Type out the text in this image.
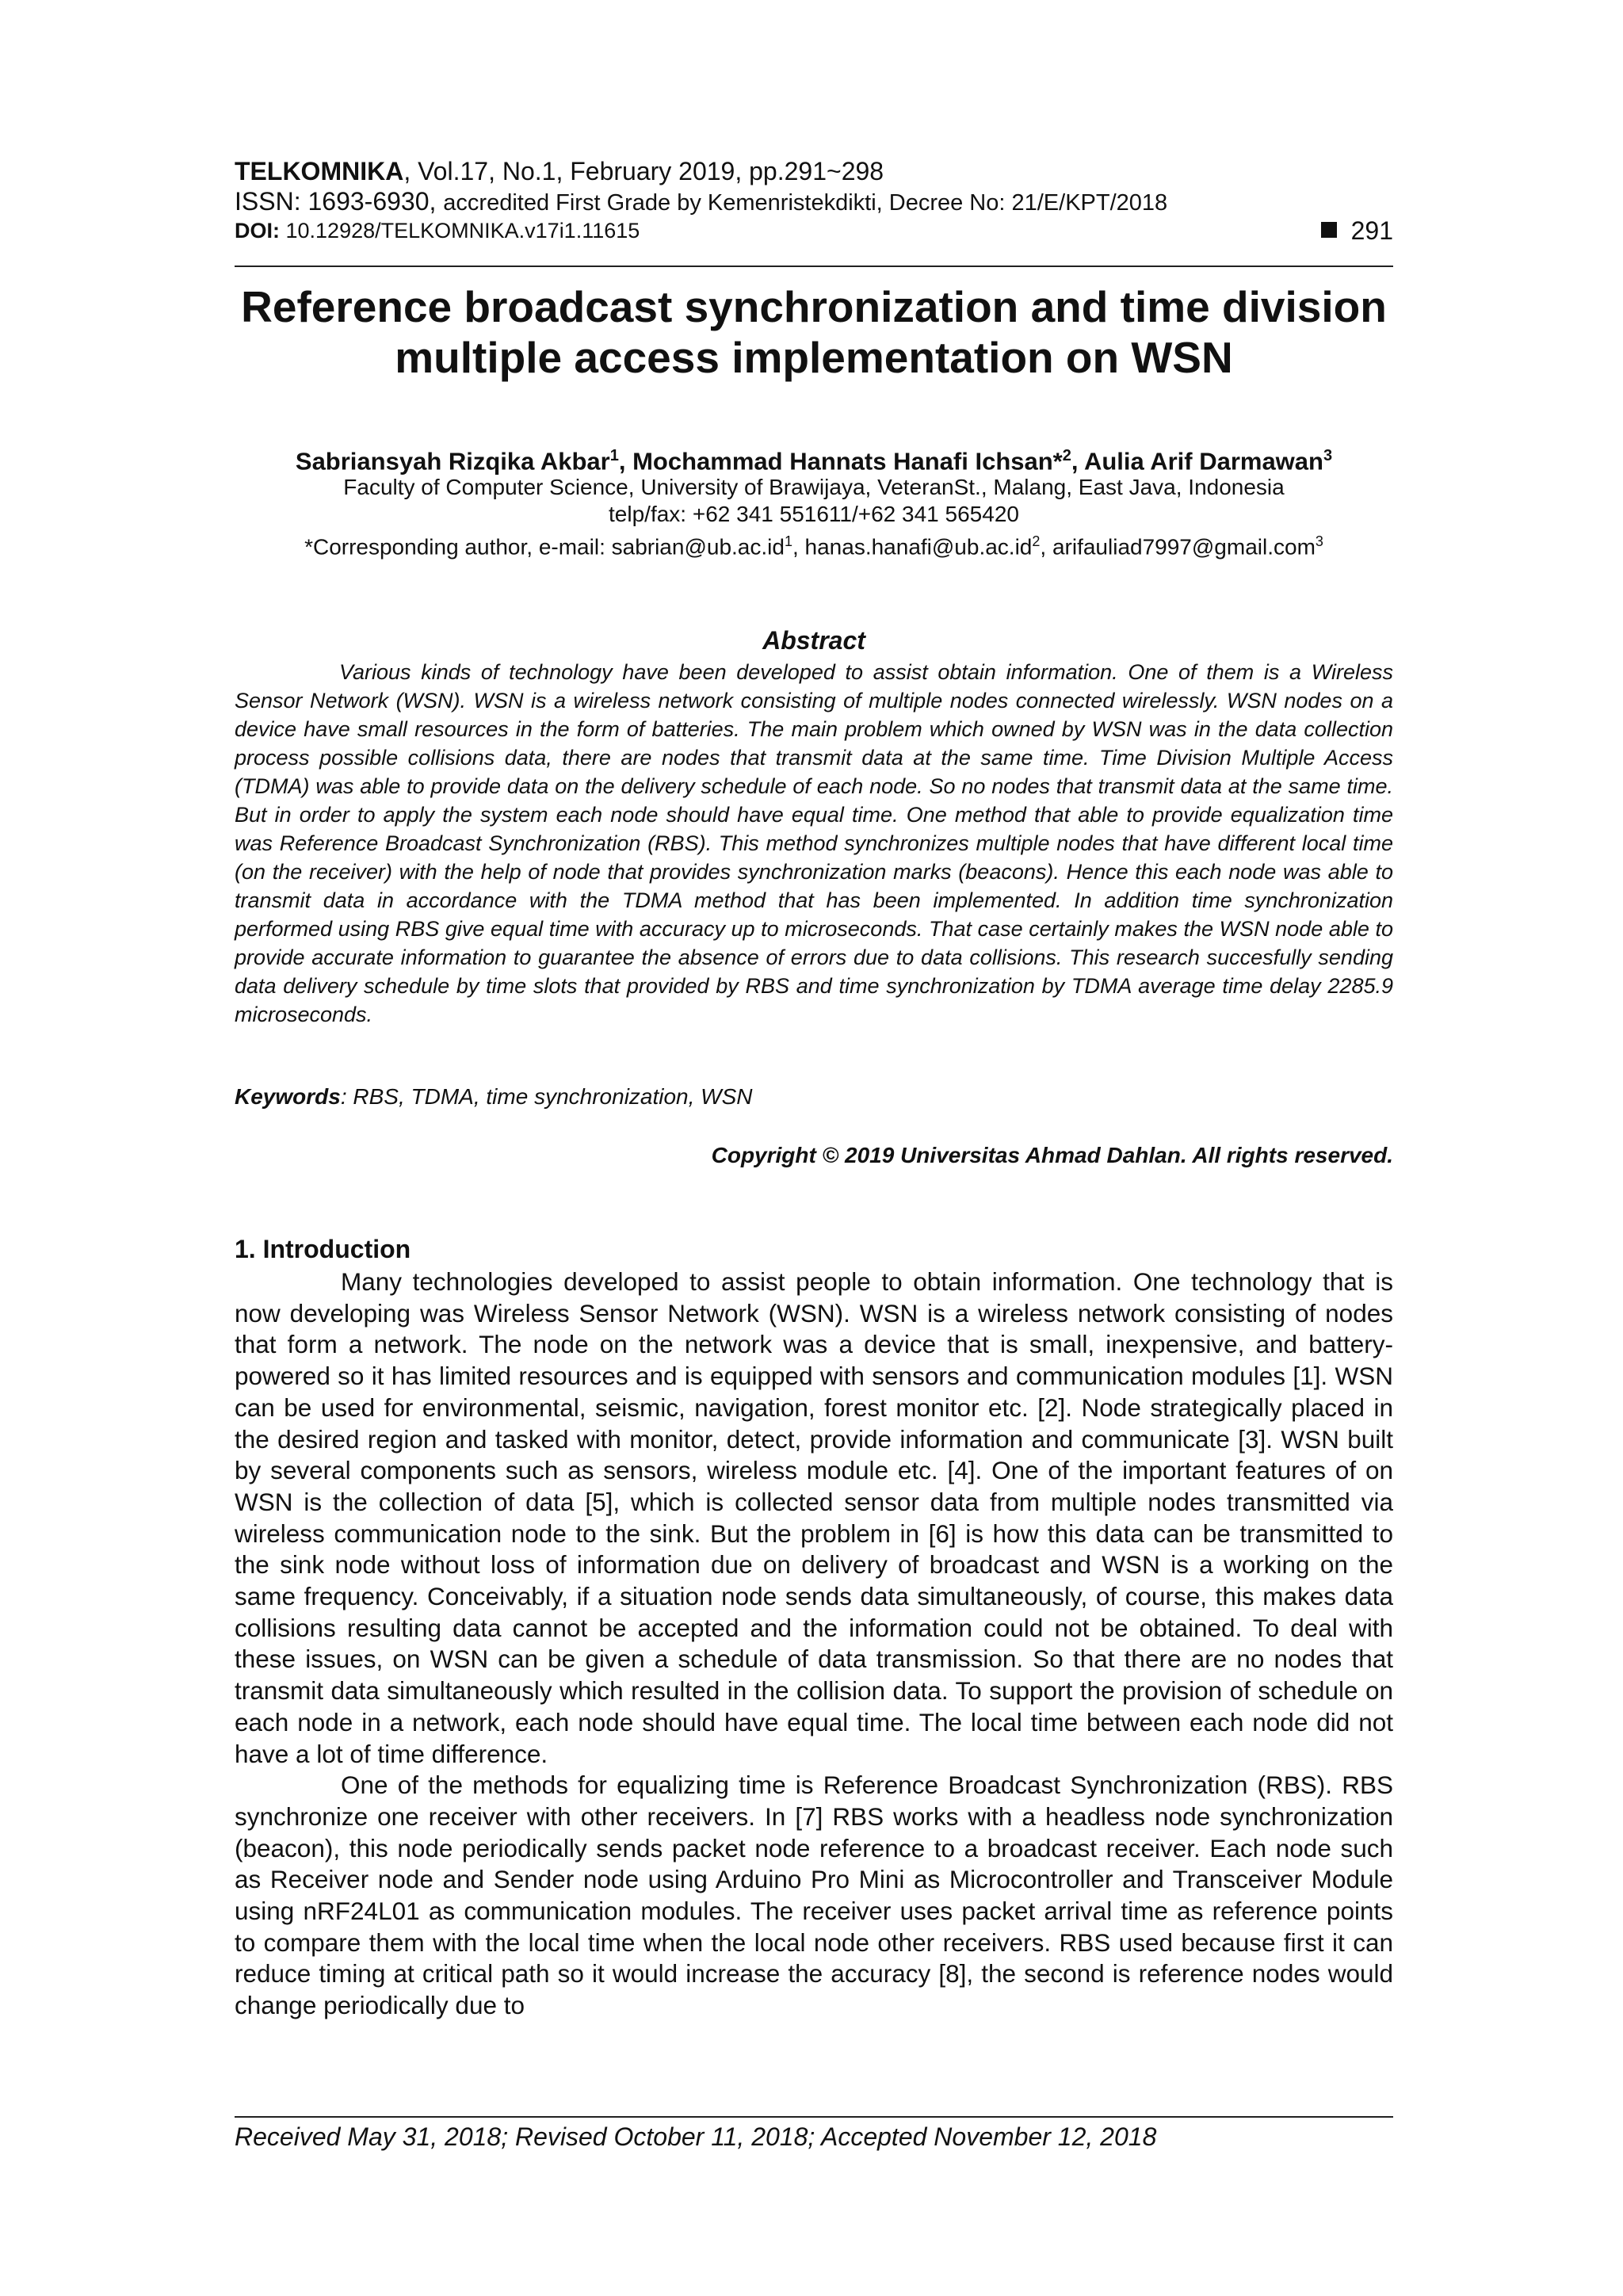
TELKOMNIKA, Vol.17, No.1, February 2019, pp.291~298
ISSN: 1693-6930, accredited First Grade by Kemenristekdikti, Decree No: 21/E/KPT/2018
DOI: 10.12928/TELKOMNIKA.v17i1.11615	291
Reference broadcast synchronization and time division
multiple access implementation on WSN
Sabriansyah Rizqika Akbar$^1$, Mochammad Hannats Hanafi Ichsan*$^2$, Aulia Arif Darmawan$^3$
Faculty of Computer Science, University of Brawijaya, VeteranSt., Malang, East Java, Indonesia
telp/fax: +62 341 551611/+62 341 565420
*Corresponding author, e-mail: $sabrian@ub.ac.id^1$, $hanas.hanafi@ub.ac.id^2$, arifauliad7997@gmail.com$^3$
Abstract
Various kinds of technology have been developed to assist obtain information. One of them is a Wireless Sensor Network (WSN). WSN is a wireless network consisting of multiple nodes connected wirelessly. WSN nodes on a device have small resources in the form of batteries. The main problem which owned by WSN was in the data collection process possible collisions data, there are nodes that transmit data at the same time. Time Division Multiple Access (TDMA) was able to provide data on the delivery schedule of each node. So no nodes that transmit data at the same time. But in order to apply the system each node should have equal time. One method that able to provide equalization time was Reference Broadcast Synchronization (RBS). This method synchronizes multiple nodes that have different local time (on the receiver) with the help of node that provides synchronization marks (beacons). Hence this each node was able to transmit data in accordance with the TDMA method that has been implemented. In addition time synchronization performed using RBS give equal time with accuracy up to microseconds. That case certainly makes the WSN node able to provide accurate information to guarantee the absence of errors due to data collisions. This research succesfully sending data delivery schedule by time slots that provided by RBS and time synchronization by TDMA average time delay 2285.9 microseconds.
Keywords: RBS, TDMA, time synchronization, WSN
Copyright © 2019 Universitas Ahmad Dahlan. All rights reserved.
1. Introduction

Many technologies developed to assist people to obtain information. One technology that is now developing was Wireless Sensor Network (WSN). WSN is a wireless network consisting of nodes that form a network. The node on the network was a device that is small, inexpensive, and battery-powered so it has limited resources and is equipped with sensors and communication modules [1]. WSN can be used for environmental, seismic, navigation, forest monitor etc. [2]. Node strategically placed in the desired region and tasked with monitor, detect, provide information and communicate [3]. WSN built by several components such as sensors, wireless module etc. [4]. One of the important features of on WSN is the collection of data [5], which is collected sensor data from multiple nodes transmitted via wireless communication node to the sink. But the problem in [6] is how this data can be transmitted to the sink node without loss of information due on delivery of broadcast and WSN is a working on the same frequency. Conceivably, if a situation node sends data simultaneously, of course, this makes data collisions resulting data cannot be accepted and the information could not be obtained. To deal with these issues, on WSN can be given a schedule of data transmission. So that there are no nodes that transmit data simultaneously which resulted in the collision data. To support the provision of schedule on each node in a network, each node should have equal time. The local time between each node did not have a lot of time difference.

One of the methods for equalizing time is Reference Broadcast Synchronization (RBS). RBS synchronize one receiver with other receivers. In [7] RBS works with a headless node synchronization (beacon), this node periodically sends packet node reference to a broadcast receiver. Each node such as Receiver node and Sender node using Arduino Pro Mini as Microcontroller and Transceiver Module using nRF24L01 as communication modules. The receiver uses packet arrival time as reference points to compare them with the local time when the local node other receivers. RBS used because first it can reduce timing at critical path so it would increase the accuracy [8], the second is reference nodes would change periodically due to

Received May 31, 2018; Revised October 11, 2018; Accepted November 12, 2018
